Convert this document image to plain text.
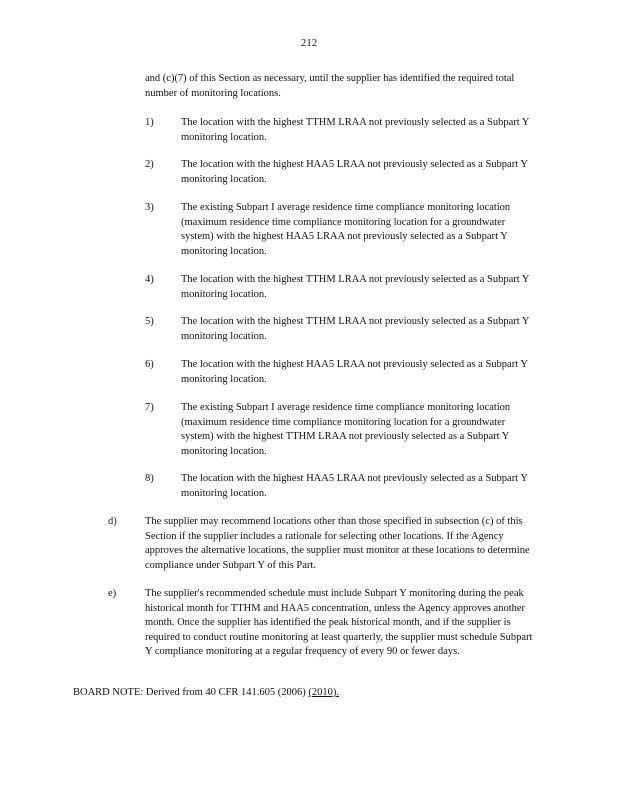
212
and (c)(7) of this Section as necessary, until the supplier has identified the required total number of monitoring locations.
1)	The location with the highest TTHM LRAA not previously selected as a Subpart Y monitoring location.
2)	The location with the highest HAA5 LRAA not previously selected as a Subpart Y monitoring location.
3)	The existing Subpart I average residence time compliance monitoring location (maximum residence time compliance monitoring location for a groundwater system) with the highest HAA5 LRAA not previously selected as a Subpart Y monitoring location.
4)	The location with the highest TTHM LRAA not previously selected as a Subpart Y monitoring location.
5)	The location with the highest TTHM LRAA not previously selected as a Subpart Y monitoring location.
6)	The location with the highest HAA5 LRAA not previously selected as a Subpart Y monitoring location.
7)	The existing Subpart I average residence time compliance monitoring location (maximum residence time compliance monitoring location for a groundwater system) with the highest TTHM LRAA not previously selected as a Subpart Y monitoring location.
8)	The location with the highest HAA5 LRAA not previously selected as a Subpart Y monitoring location.
d)	The supplier may recommend locations other than those specified in subsection (c) of this Section if the supplier includes a rationale for selecting other locations. If the Agency approves the alternative locations, the supplier must monitor at these locations to determine compliance under Subpart Y of this Part.
e)	The supplier's recommended schedule must include Subpart Y monitoring during the peak historical month for TTHM and HAA5 concentration, unless the Agency approves another month. Once the supplier has identified the peak historical month, and if the supplier is required to conduct routine monitoring at least quarterly, the supplier must schedule Subpart Y compliance monitoring at a regular frequency of every 90 or fewer days.
BOARD NOTE: Derived from 40 CFR 141.605 (2006) (2010).
